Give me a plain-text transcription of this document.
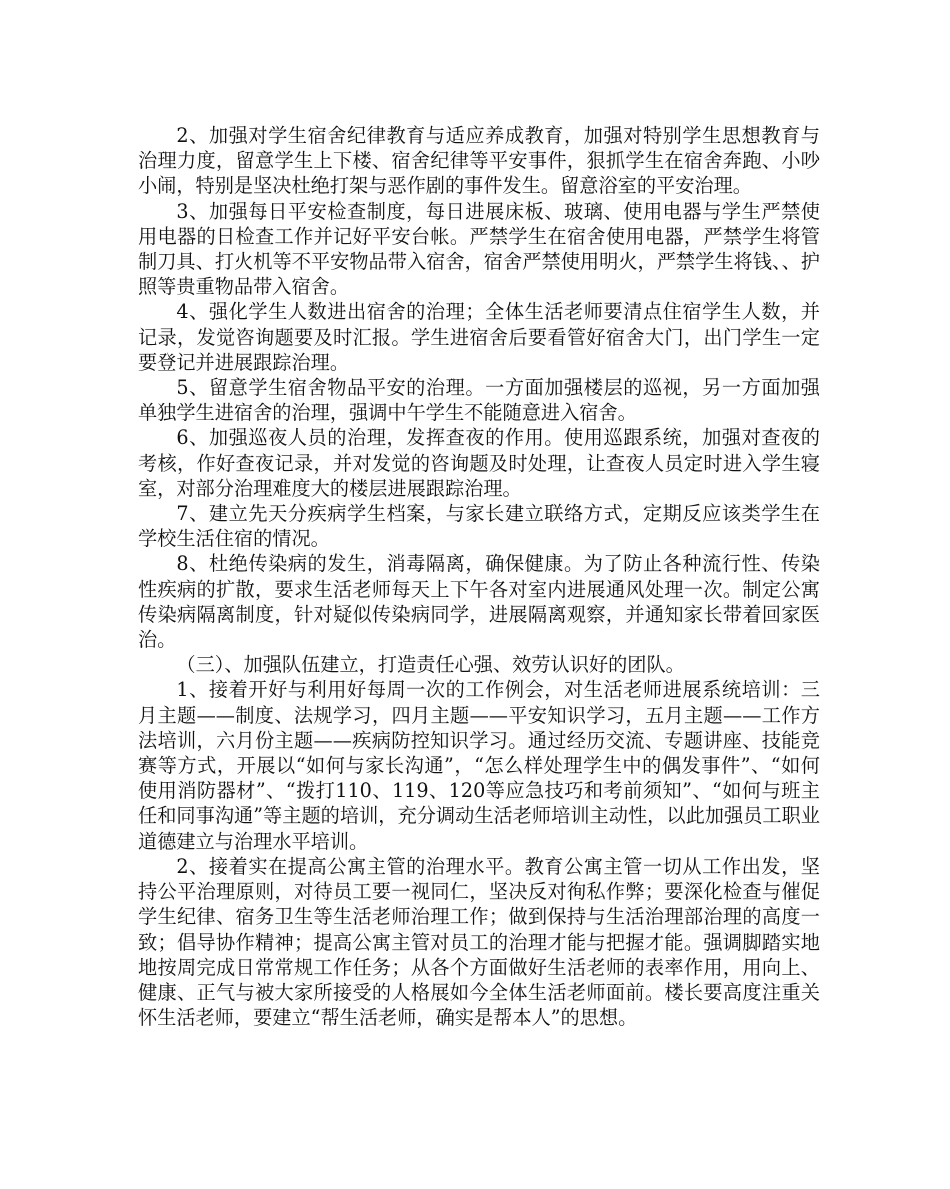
2、加强对学生宿舍纪律教育与适应养成教育，加强对特别学生思想教育与治理力度，留意学生上下楼、宿舍纪律等平安事件，狠抓学生在宿舍奔跑、小吵小闹，特别是坚决杜绝打架与恶作剧的事件发生。留意浴室的平安治理。

3、加强每日平安检查制度，每日进展床板、玻璃、使用电器与学生严禁使用电器的日检查工作并记好平安台帐。严禁学生在宿舍使用电器，严禁学生将管制刀具、打火机等不平安物品带入宿舍，宿舍严禁使用明火，严禁学生将钱、、护照等贵重物品带入宿舍。

4、强化学生人数进出宿舍的治理；全体生活老师要清点住宿学生人数，并记录，发觉咨询题要及时汇报。学生进宿舍后要看管好宿舍大门，出门学生一定要登记并进展跟踪治理。

5、留意学生宿舍物品平安的治理。一方面加强楼层的巡视，另一方面加强单独学生进宿舍的治理，强调中午学生不能随意进入宿舍。

6、加强巡夜人员的治理，发挥查夜的作用。使用巡跟系统，加强对查夜的考核，作好查夜记录，并对发觉的咨询题及时处理，让查夜人员定时进入学生寝室，对部分治理难度大的楼层进展跟踪治理。

7、建立先天分疾病学生档案，与家长建立联络方式，定期反应该类学生在学校生活住宿的情况。

8、杜绝传染病的发生，消毒隔离，确保健康。为了防止各种流行性、传染性疾病的扩散，要求生活老师每天上下午各对室内进展通风处理一次。制定公寓传染病隔离制度，针对疑似传染病同学，进展隔离观察，并通知家长带着回家医治。

（三）、加强队伍建立，打造责任心强、效劳认识好的团队。

1、接着开好与利用好每周一次的工作例会，对生活老师进展系统培训：三月主题——制度、法规学习，四月主题——平安知识学习，五月主题——工作方法培训，六月份主题——疾病防控知识学习。通过经历交流、专题讲座、技能竞赛等方式，开展以“如何与家长沟通”，“怎么样处理学生中的偶发事件”、“如何使用消防器材”、“拨打110、119、120等应急技巧和考前须知”、“如何与班主任和同事沟通”等主题的培训，充分调动生活老师培训主动性，以此加强员工职业道德建立与治理水平培训。

2、接着实在提高公寓主管的治理水平。教育公寓主管一切从工作出发，坚持公平治理原则，对待员工要一视同仁，坚决反对徇私作弊；要深化检查与催促学生纪律、宿务卫生等生活老师治理工作；做到保持与生活治理部治理的高度一致；倡导协作精神；提高公寓主管对员工的治理才能与把握才能。强调脚踏实地地按周完成日常常规工作任务；从各个方面做好生活老师的表率作用，用向上、健康、正气与被大家所接受的人格展如今全体生活老师面前。楼长要高度注重关怀生活老师，要建立“帮生活老师，确实是帮本人”的思想。
